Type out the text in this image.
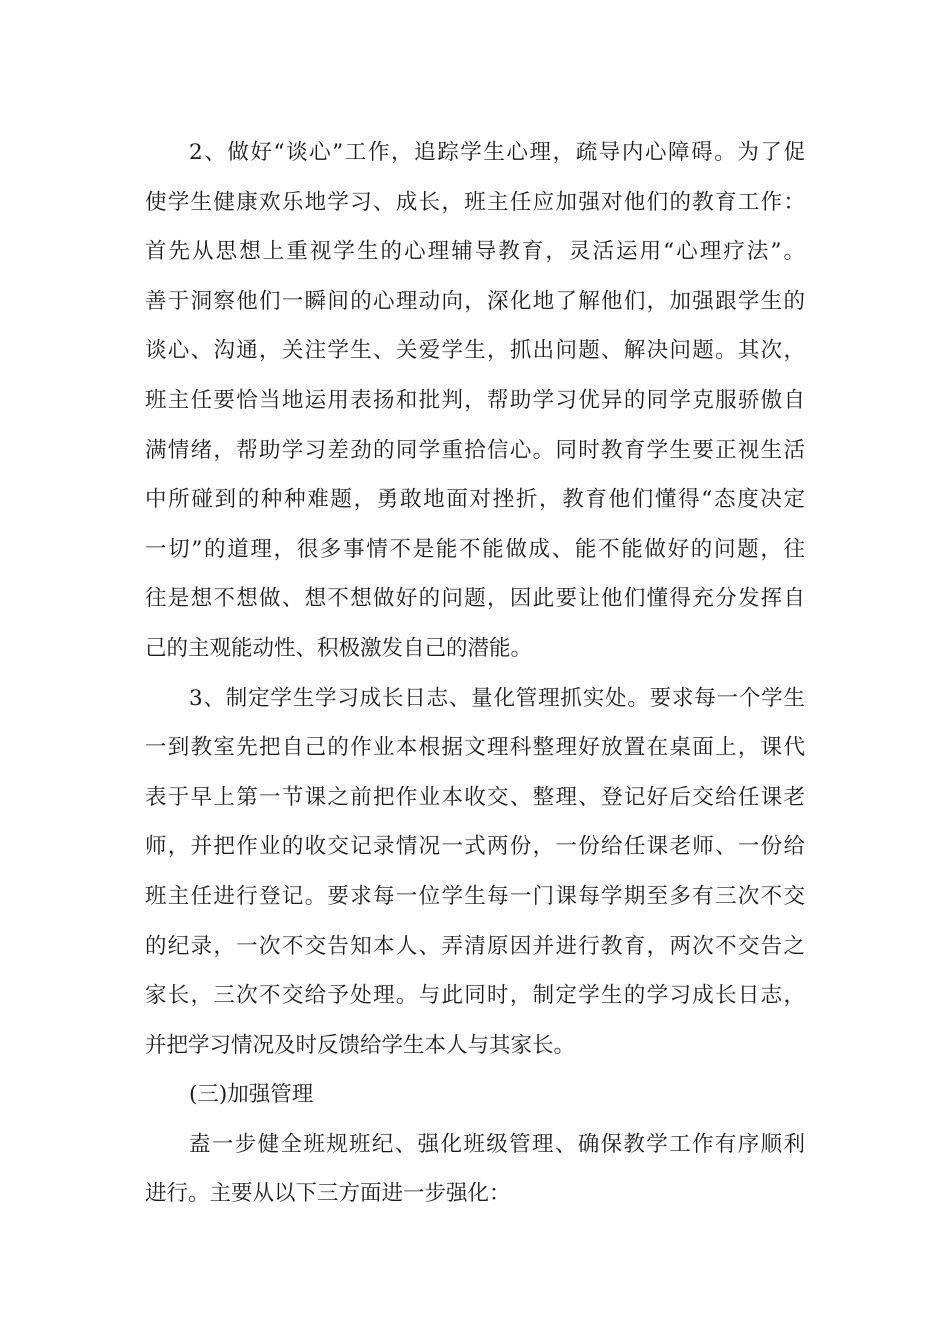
2、做好“谈心”工作，追踪学生心理，疏导内心障碍。为了促
使学生健康欢乐地学习、成长，班主任应加强对他们的教育工作：
首先从思想上重视学生的心理辅导教育，灵活运用“心理疗法”。
善于洞察他们一瞬间的心理动向，深化地了解他们，加强跟学生的
谈心、沟通，关注学生、关爱学生，抓出问题、解决问题。其次，
班主任要恰当地运用表扬和批判，帮助学习优异的同学克服骄傲自
满情绪，帮助学习差劲的同学重拾信心。同时教育学生要正视生活
中所碰到的种种难题，勇敢地面对挫折，教育他们懂得“态度决定
一切”的道理，很多事情不是能不能做成、能不能做好的问题，往
往是想不想做、想不想做好的问题，因此要让他们懂得充分发挥自
己的主观能动性、积极激发自己的潜能。
3、制定学生学习成长日志、量化管理抓实处。要求每一个学生
一到教室先把自己的作业本根据文理科整理好放置在桌面上，课代
表于早上第一节课之前把作业本收交、整理、登记好后交给任课老
师，并把作业的收交记录情况一式两份，一份给任课老师、一份给
班主任进行登记。要求每一位学生每一门课每学期至多有三次不交
的纪录，一次不交告知本人、弄清原因并进行教育，两次不交告之
家长，三次不交给予处理。与此同时，制定学生的学习成长日志，
并把学习情况及时反馈给学生本人与其家长。
(三)加强管理
盍一步健全班规班纪、强化班级管理、确保教学工作有序顺利
进行。主要从以下三方面进一步强化：
